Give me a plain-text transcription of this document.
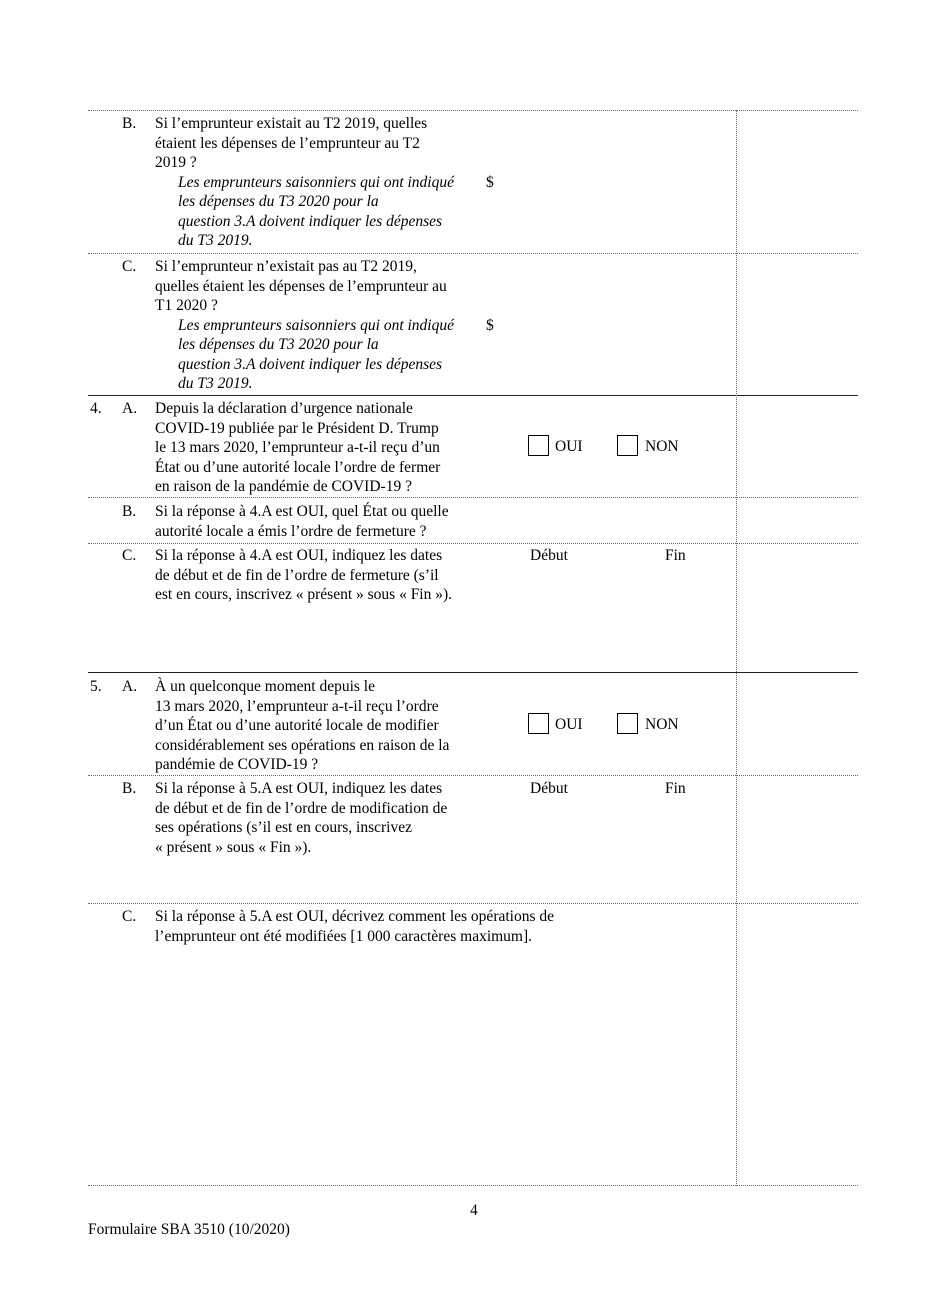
B. Si l’emprunteur existait au T2 2019, quelles
étaient les dépenses de l’emprunteur au T2
2019 ?
Les emprunteurs saisonniers qui ont indiqué $
les dépenses du T3 2020 pour la
question 3.A doivent indiquer les dépenses
du T3 2019.
C. Si l’emprunteur n’existait pas au T2 2019,
quelles étaient les dépenses de l’emprunteur au
T1 2020 ?
Les emprunteurs saisonniers qui ont indiqué $
les dépenses du T3 2020 pour la
question 3.A doivent indiquer les dépenses
du T3 2019.
4. A. Depuis la déclaration d’urgence nationale
COVID-19 publiée par le Président D. Trump
le 13 mars 2020, l’emprunteur a-t-il reçu d’un
État ou d’une autorité locale l’ordre de fermer
en raison de la pandémie de COVID-19 ?
OUI	NON
B. Si la réponse à 4.A est OUI, quel État ou quelle
autorité locale a émis l’ordre de fermeture ?
C. Si la réponse à 4.A est OUI, indiquez les dates
de début et de fin de l’ordre de fermeture (s’il
est en cours, inscrivez « présent » sous « Fin »).
Début	Fin
5. A. À un quelconque moment depuis le
13 mars 2020, l’emprunteur a-t-il reçu l’ordre
d’un État ou d’une autorité locale de modifier
considérablement ses opérations en raison de la
pandémie de COVID-19 ?
OUI	NON
B. Si la réponse à 5.A est OUI, indiquez les dates
de début et de fin de l’ordre de modification de
ses opérations (s’il est en cours, inscrivez
« présent » sous « Fin »).
Début	Fin
C. Si la réponse à 5.A est OUI, décrivez comment les opérations de
l’emprunteur ont été modifiées [1 000 caractères maximum].
4
Formulaire SBA 3510 (10/2020)
